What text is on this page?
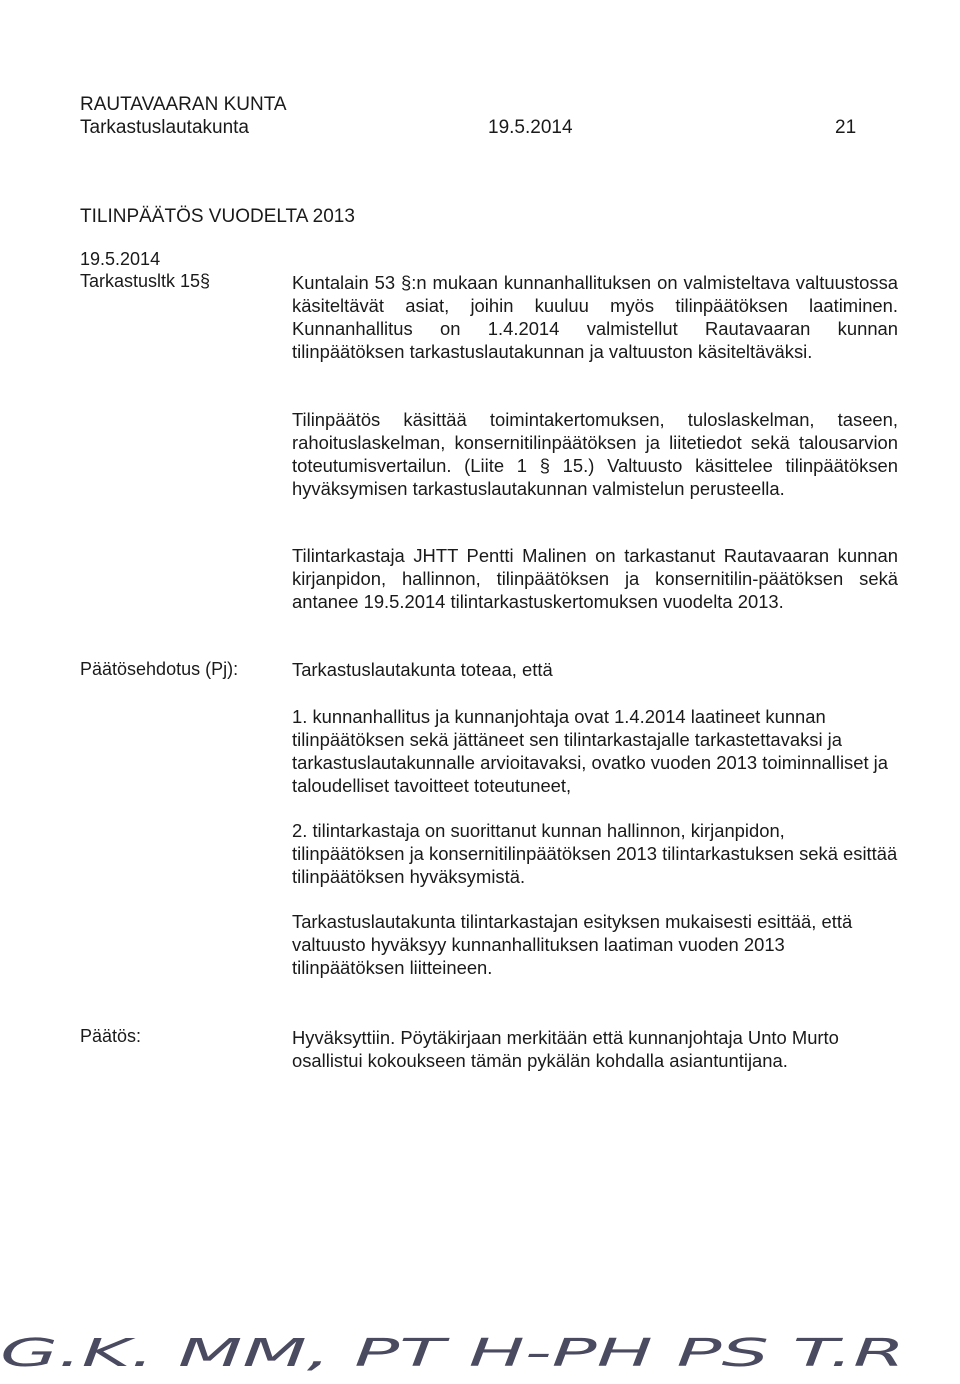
RAUTAVAARAN KUNTA
Tarkastuslautakunta	19.5.2014	21
TILINPÄÄTÖS VUODELTA 2013
19.5.2014
Tarkastusltk 15§	Kuntalain 53 §:n mukaan kunnanhallituksen on valmisteltava valtuustossa käsiteltävät asiat, joihin kuuluu myös tilinpäätöksen laatiminen. Kunnanhallitus on 1.4.2014 valmistellut Rautavaaran kunnan tilinpäätöksen tarkastuslautakunnan ja valtuuston käsiteltäväksi.
Tilinpäätös käsittää toimintakertomuksen, tuloslaskelman, taseen, rahoituslaskelman, konsernitilinpäätöksen ja liitetiedot sekä talousarvion toteutumisvertailun. (Liite 1 § 15.) Valtuusto käsittelee tilinpäätöksen hyväksymisen tarkastuslautakunnan valmistelun perusteella.
Tilintarkastaja JHTT Pentti Malinen on tarkastanut Rautavaaran kunnan kirjanpidon, hallinnon, tilinpäätöksen ja konsernitilin-päätöksen sekä antanee 19.5.2014 tilintarkastuskertomuksen vuodelta 2013.
Päätösehdotus (Pj):	Tarkastuslautakunta toteaa, että
1. kunnanhallitus ja kunnanjohtaja ovat 1.4.2014 laatineet kunnan tilinpäätöksen sekä jättäneet sen tilintarkastajalle tarkastettavaksi ja tarkastuslautakunnalle arvioitavaksi, ovatko vuoden 2013 toiminnalliset ja taloudelliset tavoitteet toteutuneet,
2. tilintarkastaja on suorittanut kunnan hallinnon, kirjanpidon, tilinpäätöksen ja konsernitilinpäätöksen 2013 tilintarkastuksen sekä esittää tilinpäätöksen hyväksymistä.
Tarkastuslautakunta tilintarkastajan esityksen mukaisesti esittää, että valtuusto hyväksyy kunnanhallituksen laatiman vuoden 2013 tilinpäätöksen liitteineen.
Päätös:	Hyväksyttiin. Pöytäkirjaan merkitään että kunnanjohtaja Unto Murto osallistui kokoukseen tämän pykälän kohdalla asiantuntijana.
G.K. MM, PT H-PH PS T.R
